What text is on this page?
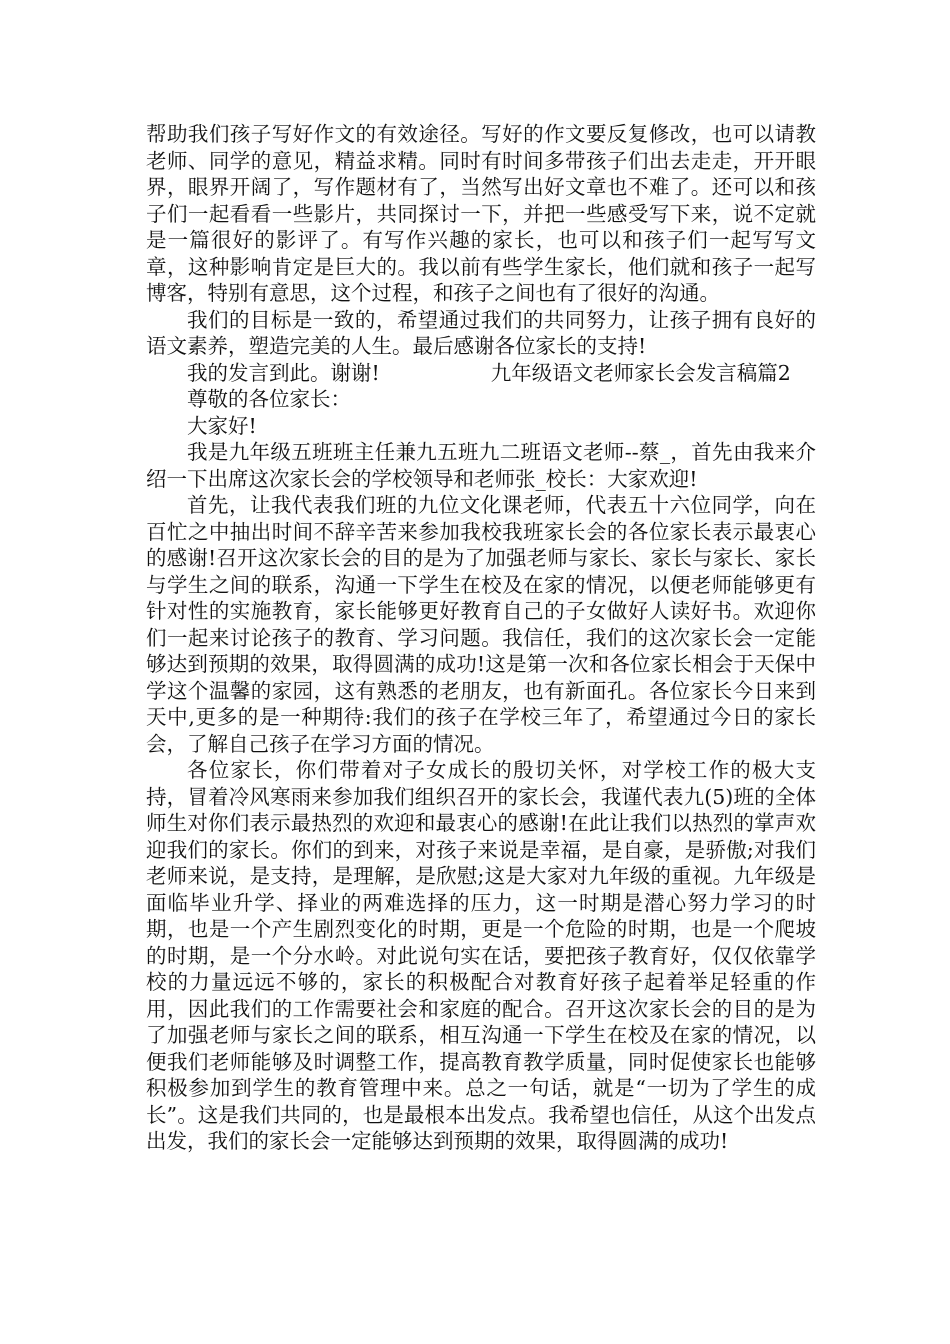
帮助我们孩子写好作文的有效途径。写好的作文要反复修改，也可以请教老师、同学的意见，精益求精。同时有时间多带孩子们出去走走，开开眼界，眼界开阔了，写作题材有了，当然写出好文章也不难了。还可以和孩子们一起看看一些影片，共同探讨一下，并把一些感受写下来，说不定就是一篇很好的影评了。有写作兴趣的家长，也可以和孩子们一起写写文章，这种影响肯定是巨大的。我以前有些学生家长，他们就和孩子一起写博客，特别有意思，这个过程，和孩子之间也有了很好的沟通。

我们的目标是一致的，希望通过我们的共同努力，让孩子拥有良好的语文素养，塑造完美的人生。最后感谢各位家长的支持!

我的发言到此。谢谢!	九年级语文老师家长会发言稿篇2

尊敬的各位家长：

大家好!

我是九年级五班班主任兼九五班九二班语文老师--蔡_，首先由我来介绍一下出席这次家长会的学校领导和老师张_校长：大家欢迎!

首先，让我代表我们班的九位文化课老师，代表五十六位同学，向在百忙之中抽出时间不辞辛苦来参加我校我班家长会的各位家长表示最衷心的感谢!召开这次家长会的目的是为了加强老师与家长、家长与家长、家长与学生之间的联系，沟通一下学生在校及在家的情况，以便老师能够更有针对性的实施教育，家长能够更好教育自己的子女做好人读好书。欢迎你们一起来讨论孩子的教育、学习问题。我信任，我们的这次家长会一定能够达到预期的效果，取得圆满的成功!这是第一次和各位家长相会于天保中学这个温馨的家园，这有熟悉的老朋友，也有新面孔。各位家长今日来到天中,更多的是一种期待:我们的孩子在学校三年了，希望通过今日的家长会，了解自己孩子在学习方面的情况。

各位家长，你们带着对子女成长的殷切关怀，对学校工作的极大支持，冒着冷风寒雨来参加我们组织召开的家长会，我谨代表九(5)班的全体师生对你们表示最热烈的欢迎和最衷心的感谢!在此让我们以热烈的掌声欢迎我们的家长。你们的到来，对孩子来说是幸福，是自豪，是骄傲;对我们老师来说，是支持，是理解，是欣慰;这是大家对九年级的重视。九年级是面临毕业升学、择业的两难选择的压力，这一时期是潜心努力学习的时期，也是一个产生剧烈变化的时期，更是一个危险的时期，也是一个爬坡的时期，是一个分水岭。对此说句实在话，要把孩子教育好，仅仅依靠学校的力量远远不够的，家长的积极配合对教育好孩子起着举足轻重的作用，因此我们的工作需要社会和家庭的配合。召开这次家长会的目的是为了加强老师与家长之间的联系，相互沟通一下学生在校及在家的情况，以便我们老师能够及时调整工作，提高教育教学质量，同时促使家长也能够积极参加到学生的教育管理中来。总之一句话，就是“一切为了学生的成长”。这是我们共同的，也是最根本出发点。我希望也信任，从这个出发点出发，我们的家长会一定能够达到预期的效果，取得圆满的成功!
